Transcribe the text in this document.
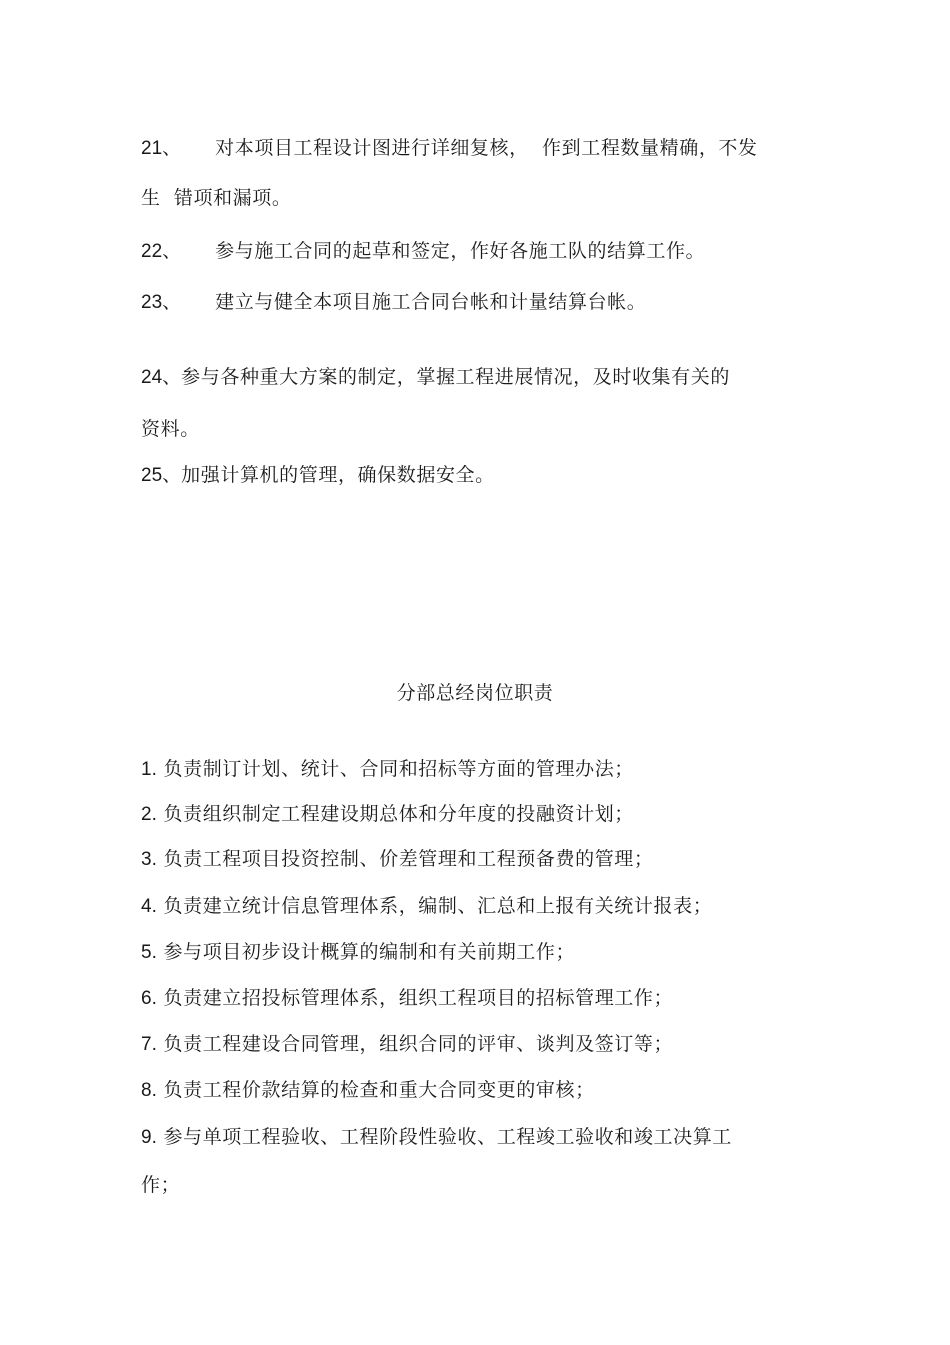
21、 对本项目工程设计图进行详细复核，  作到工程数量精确，不发
生  错项和漏项。
22、 参与施工合同的起草和签定，作好各施工队的结算工作。
23、 建立与健全本项目施工合同台帐和计量结算台帐。
24、参与各种重大方案的制定，掌握工程进展情况，及时收集有关的
资料。
25、加强计算机的管理，确保数据安全。
分部总经岗位职责
1. 负责制订计划、统计、合同和招标等方面的管理办法；
2. 负责组织制定工程建设期总体和分年度的投融资计划；
3. 负责工程项目投资控制、价差管理和工程预备费的管理；
4. 负责建立统计信息管理体系，编制、汇总和上报有关统计报表；
5. 参与项目初步设计概算的编制和有关前期工作；
6. 负责建立招投标管理体系，组织工程项目的招标管理工作；
7. 负责工程建设合同管理，组织合同的评审、谈判及签订等；
8. 负责工程价款结算的检查和重大合同变更的审核；
9. 参与单项工程验收、工程阶段性验收、工程竣工验收和竣工决算工
作；
